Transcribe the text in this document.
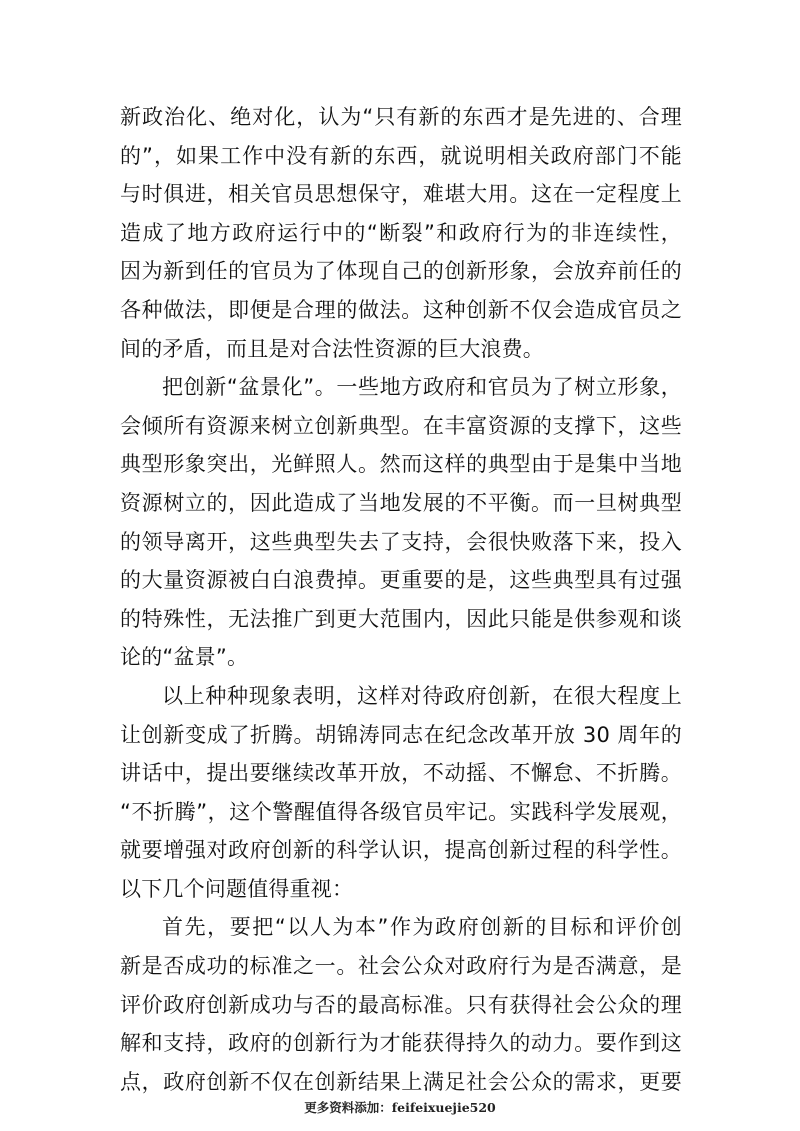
新政治化、绝对化，认为“只有新的东西才是先进的、合理
的”，如果工作中没有新的东西，就说明相关政府部门不能
与时俱进，相关官员思想保守，难堪大用。这在一定程度上
造成了地方政府运行中的“断裂”和政府行为的非连续性，
因为新到任的官员为了体现自己的创新形象，会放弃前任的
各种做法，即便是合理的做法。这种创新不仅会造成官员之
间的矛盾，而且是对合法性资源的巨大浪费。
把创新“盆景化”。一些地方政府和官员为了树立形象，
会倾所有资源来树立创新典型。在丰富资源的支撑下，这些
典型形象突出，光鲜照人。然而这样的典型由于是集中当地
资源树立的，因此造成了当地发展的不平衡。而一旦树典型
的领导离开，这些典型失去了支持，会很快败落下来，投入
的大量资源被白白浪费掉。更重要的是，这些典型具有过强
的特殊性，无法推广到更大范围内，因此只能是供参观和谈
论的“盆景”。
以上种种现象表明，这样对待政府创新，在很大程度上
让创新变成了折腾。胡锦涛同志在纪念改革开放 30 周年的
讲话中，提出要继续改革开放，不动摇、不懈怠、不折腾。
“不折腾”，这个警醒值得各级官员牢记。实践科学发展观，
就要增强对政府创新的科学认识，提高创新过程的科学性。
以下几个问题值得重视：
首先，要把“以人为本”作为政府创新的目标和评价创
新是否成功的标准之一。社会公众对政府行为是否满意，是
评价政府创新成功与否的最高标准。只有获得社会公众的理
解和支持，政府的创新行为才能获得持久的动力。要作到这
点，政府创新不仅在创新结果上满足社会公众的需求，更要
更多资料添加：feifeixuejie520
